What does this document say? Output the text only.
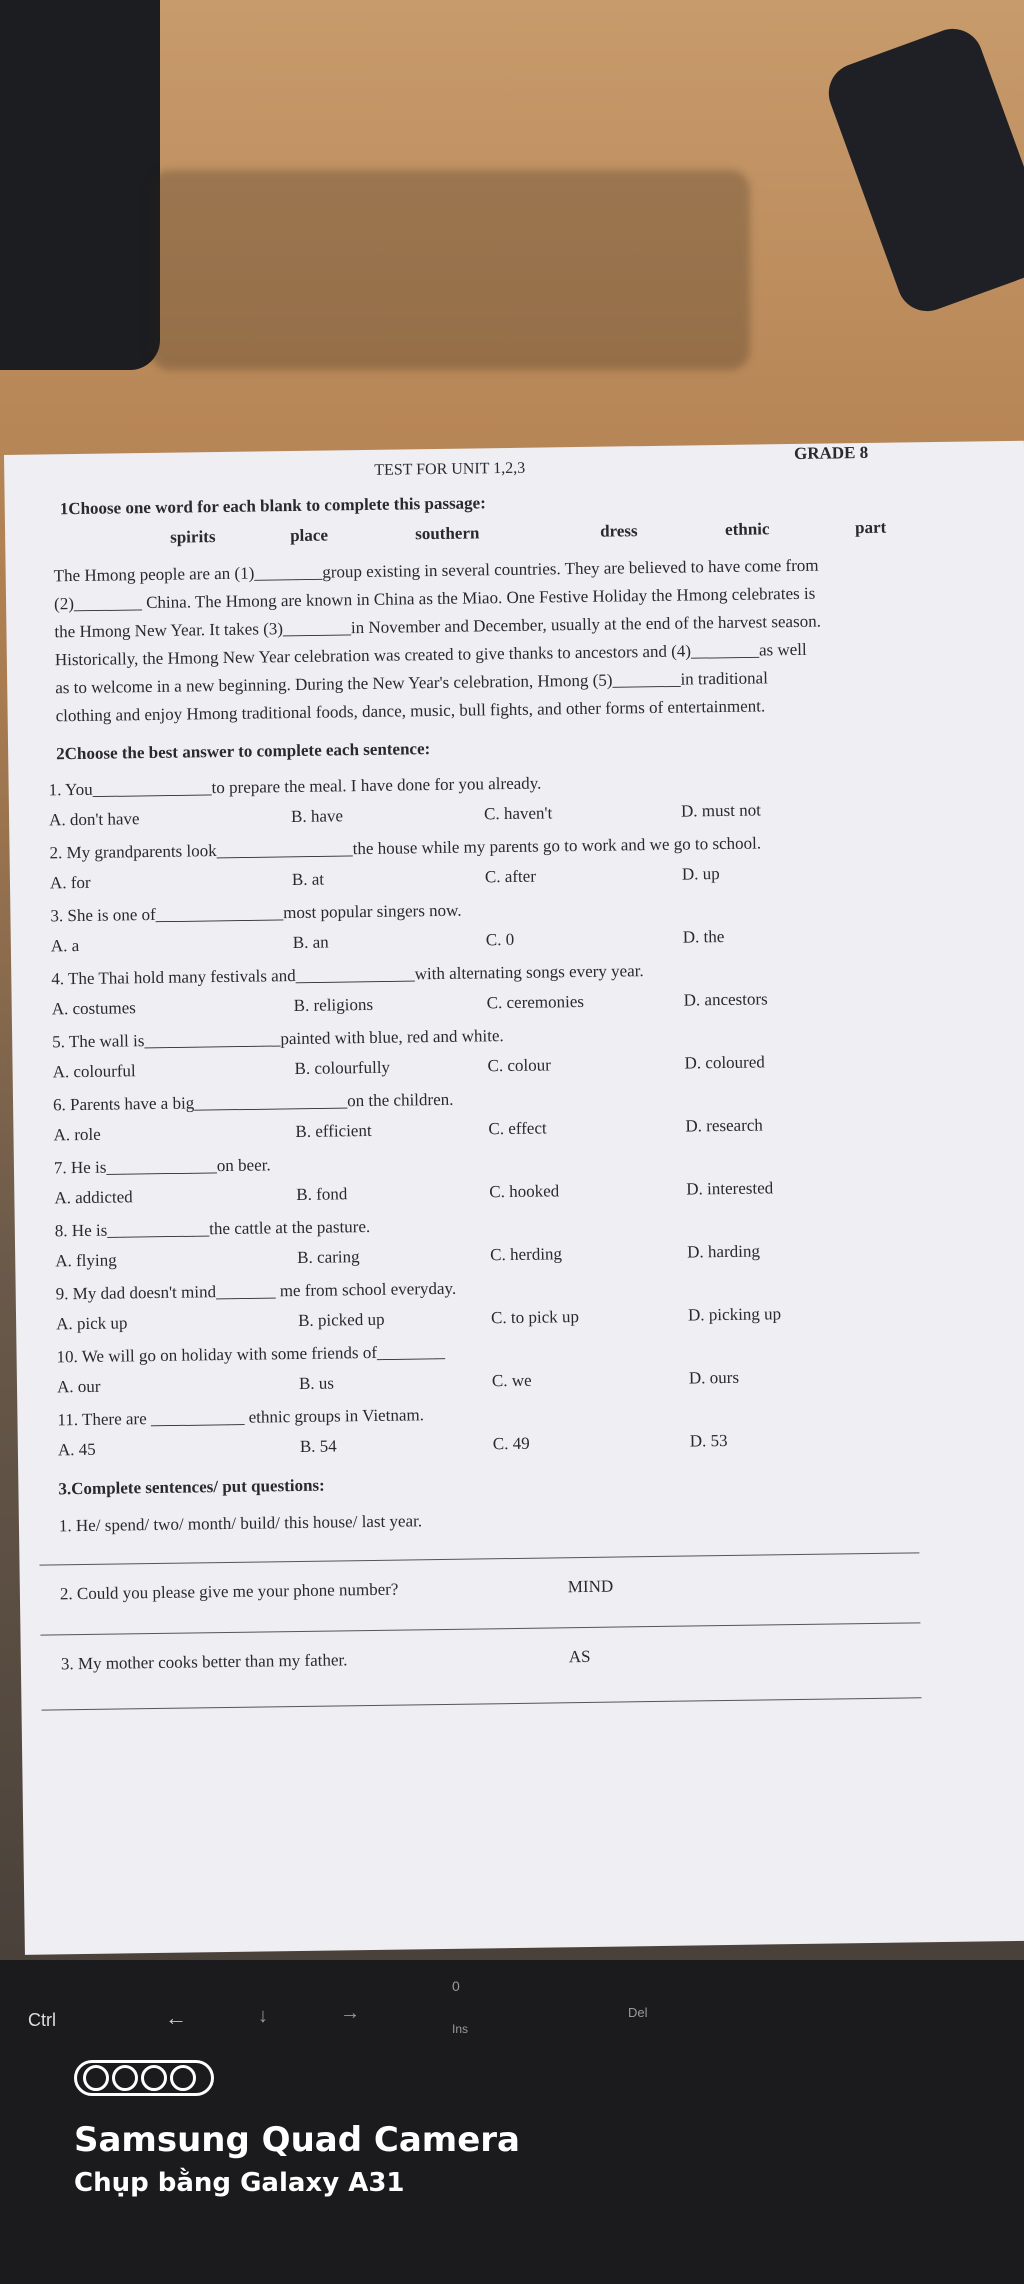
TEST FOR UNIT 1,2,3
GRADE 8
1Choose one word for each blank to complete this passage:
spirits	place	southern	dress	ethnic	part
The Hmong people are an (1)________group existing in several countries. They are believed to have come from
(2)________ China. The Hmong are known in China as the Miao. One Festive Holiday the Hmong celebrates is
the Hmong New Year. It takes (3)________in November and December, usually at the end of the harvest season.
Historically, the Hmong New Year celebration was created to give thanks to ancestors and (4)________as well
as to welcome in a new beginning. During the New Year's celebration, Hmong (5)________in traditional
clothing and enjoy Hmong traditional foods, dance, music, bull fights, and other forms of entertainment.
2Choose the best answer to complete each sentence:
1. You______________to prepare the meal. I have done for you already.
A. don't have	B. have	C. haven't	D. must not
2. My grandparents look________________the house while my parents go to work and we go to school.
A. for	B. at	C. after	D. up
3. She is one of_______________most popular singers now.
A. a	B. an	C. 0	D. the
4. The Thai hold many festivals and______________with alternating songs every year.
A. costumes	B. religions	C. ceremonies	D. ancestors
5. The wall is________________painted with blue, red and white.
A. colourful	B. colourfully	C. colour	D. coloured
6. Parents have a big__________________on the children.
A. role	B. efficient	C. effect	D. research
7. He is_____________on beer.
A. addicted	B. fond	C. hooked	D. interested
8. He is____________the cattle at the pasture.
A. flying	B. caring	C. herding	D. harding
9. My dad doesn't mind_______ me from school everyday.
A. pick up	B. picked up	C. to pick up	D. picking up
10. We will go on holiday with some friends of________
A. our	B. us	C. we	D. ours
11. There are ___________ ethnic groups in Vietnam.
A. 45	B. 54	C. 49	D. 53
3.Complete sentences/ put questions:
1. He/ spend/ two/ month/ build/ this house/ last year.
2. Could you please give me your phone number?	MIND
3. My mother cooks better than my father.	AS
Ctrl	←	↓	→
0
Ins
Del
Samsung Quad Camera
Chụp bằng Galaxy A31
